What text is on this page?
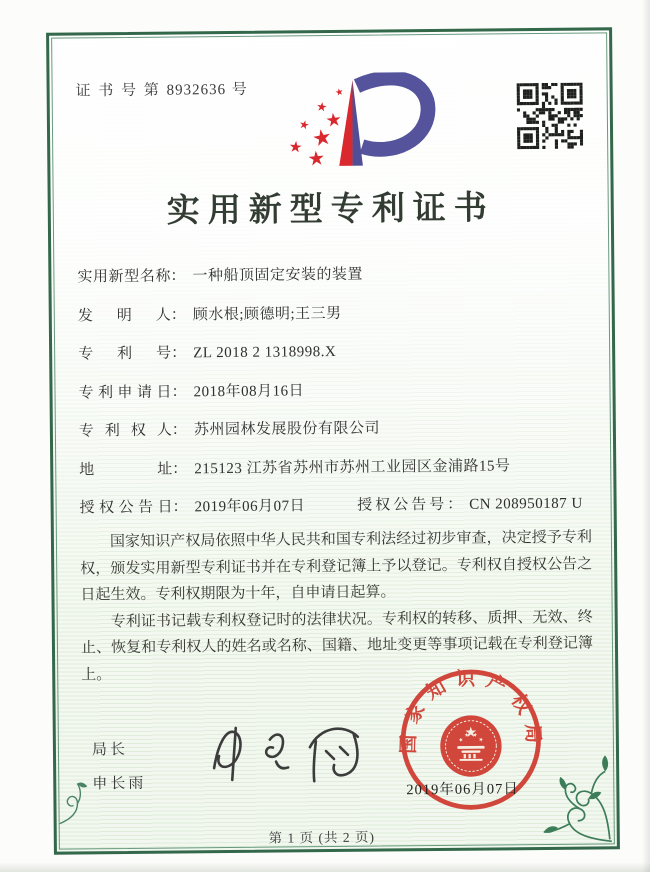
证 书 号 第 8932636 号
实用新型专利证书
实用新型名称： 一种船顶固定安装的装置
发明人： 顾水根;顾德明;王三男
专利号： ZL 2018 2 1318998.X
专利申请日： 2018年08月16日
专利权人： 苏州园林发展股份有限公司
地址： 215123 江苏省苏州市苏州工业园区金浦路15号
授权公告日： 2019年06月07日	授权公告号： CN 208950187 U

国家知识产权局依照中华人民共和国专利法经过初步审查，决定授予专利权，颁发实用新型专利证书并在专利登记簿上予以登记。专利权自授权公告之日起生效。专利权期限为十年，自申请日起算。

专利证书记载专利权登记时的法律状况。专利权的转移、质押、无效、终止、恢复和专利权人的姓名或名称、国籍、地址变更等事项记载在专利登记簿上。

局长
申长雨
国家知识产权局
2019年06月07日
第 1 页 (共 2 页)
